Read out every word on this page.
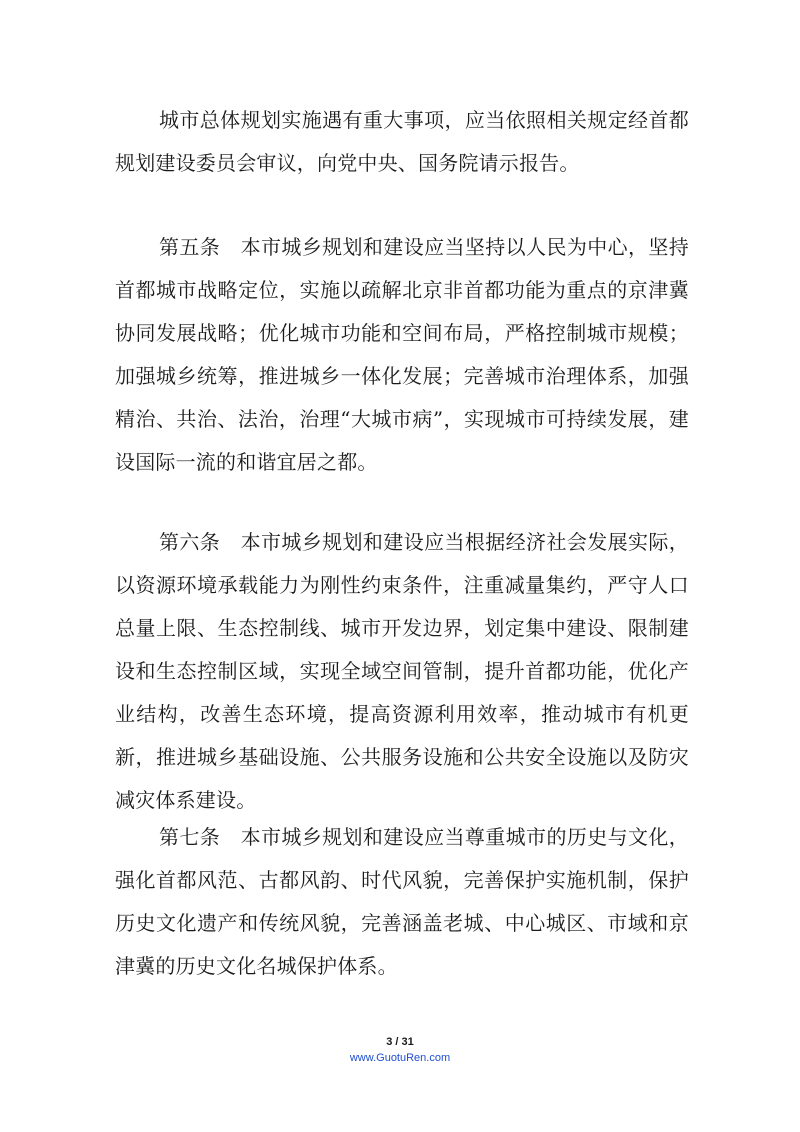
城市总体规划实施遇有重大事项，应当依照相关规定经首都规划建设委员会审议，向党中央、国务院请示报告。

第五条　本市城乡规划和建设应当坚持以人民为中心，坚持首都城市战略定位，实施以疏解北京非首都功能为重点的京津冀协同发展战略；优化城市功能和空间布局，严格控制城市规模；加强城乡统筹，推进城乡一体化发展；完善城市治理体系，加强精治、共治、法治，治理“大城市病”，实现城市可持续发展，建设国际一流的和谐宜居之都。

第六条　本市城乡规划和建设应当根据经济社会发展实际，以资源环境承载能力为刚性约束条件，注重减量集约，严守人口总量上限、生态控制线、城市开发边界，划定集中建设、限制建设和生态控制区域，实现全域空间管制，提升首都功能，优化产业结构，改善生态环境，提高资源利用效率，推动城市有机更新，推进城乡基础设施、公共服务设施和公共安全设施以及防灾减灾体系建设。

第七条　本市城乡规划和建设应当尊重城市的历史与文化，强化首都风范、古都风韵、时代风貌，完善保护实施机制，保护历史文化遗产和传统风貌，完善涵盖老城、中心城区、市域和京津冀的历史文化名城保护体系。

3 / 31
www.GuotuRen.com
